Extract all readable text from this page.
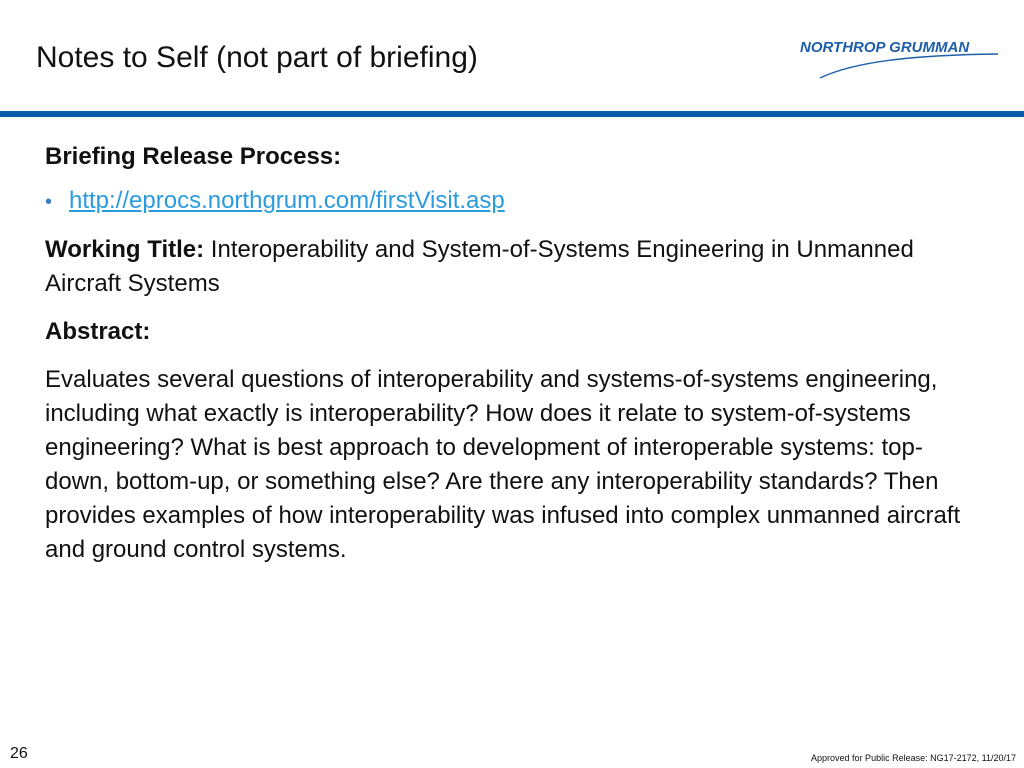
Notes to Self (not part of briefing)	NORTHROP GRUMMAN

Briefing Release Process:

• http://eprocs.northgrum.com/firstVisit.asp

Working Title: Interoperability and System-of-Systems Engineering in Unmanned Aircraft Systems

Abstract:

Evaluates several questions of interoperability and systems-of-systems engineering, including what exactly is interoperability? How does it relate to system-of-systems engineering? What is best approach to development of interoperable systems: top-down, bottom-up, or something else? Are there any interoperability standards? Then provides examples of how interoperability was infused into complex unmanned aircraft and ground control systems.

26	Approved for Public Release: NG17-2172, 11/20/17
